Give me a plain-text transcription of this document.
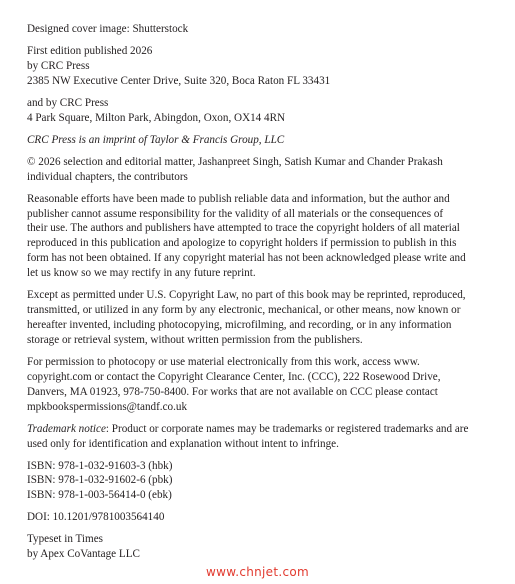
Designed cover image: Shutterstock
First edition published 2026
by CRC Press
2385 NW Executive Center Drive, Suite 320, Boca Raton FL 33431
and by CRC Press
4 Park Square, Milton Park, Abingdon, Oxon, OX14 4RN
CRC Press is an imprint of Taylor & Francis Group, LLC
© 2026 selection and editorial matter, Jashanpreet Singh, Satish Kumar and Chander Prakash
individual chapters, the contributors
Reasonable efforts have been made to publish reliable data and information, but the author and
publisher cannot assume responsibility for the validity of all materials or the consequences of
their use. The authors and publishers have attempted to trace the copyright holders of all material
reproduced in this publication and apologize to copyright holders if permission to publish in this
form has not been obtained. If any copyright material has not been acknowledged please write and
let us know so we may rectify in any future reprint.
Except as permitted under U.S. Copyright Law, no part of this book may be reprinted, reproduced,
transmitted, or utilized in any form by any electronic, mechanical, or other means, now known or
hereafter invented, including photocopying, microfilming, and recording, or in any information
storage or retrieval system, without written permission from the publishers.
For permission to photocopy or use material electronically from this work, access www.
copyright.com or contact the Copyright Clearance Center, Inc. (CCC), 222 Rosewood Drive,
Danvers, MA 01923, 978-750-8400. For works that are not available on CCC please contact
mpkbookspermissions@tandf.co.uk
Trademark notice: Product or corporate names may be trademarks or registered trademarks and are
used only for identification and explanation without intent to infringe.
ISBN: 978-1-032-91603-3 (hbk)
ISBN: 978-1-032-91602-6 (pbk)
ISBN: 978-1-003-56414-0 (ebk)
DOI: 10.1201/9781003564140
Typeset in Times
by Apex CoVantage LLC
www.chnjet.com
